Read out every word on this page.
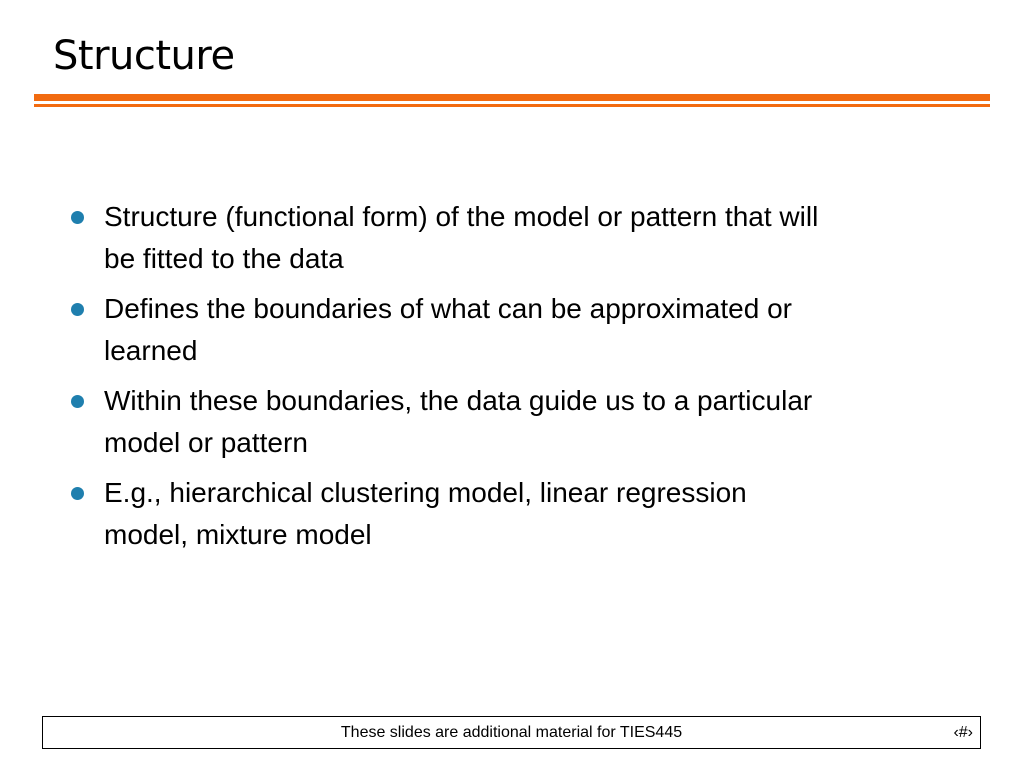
Structure
Structure (functional form) of the model or pattern that will
be fitted to the data
Defines the boundaries of what can be approximated or
learned
Within these boundaries, the data guide us to a particular
model or pattern
E.g., hierarchical clustering model, linear regression
model, mixture model
These slides are additional material for TIES445	‹#›
